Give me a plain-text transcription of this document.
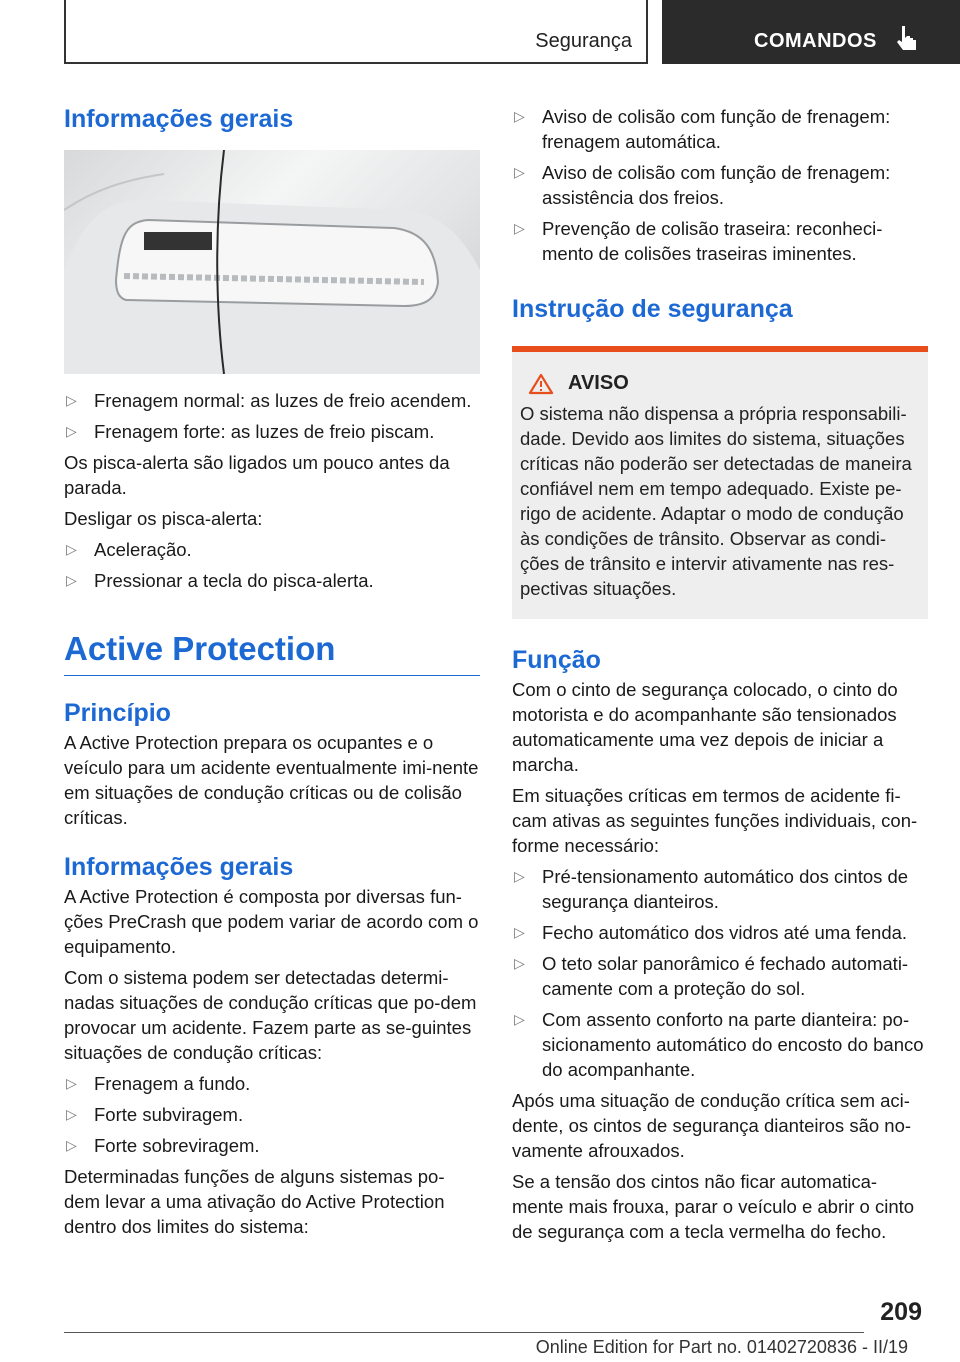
Segurança	COMANDOS
Informações gerais
▷ Frenagem normal: as luzes de freio acendem.
▷ Frenagem forte: as luzes de freio piscam.

Os pisca-alerta são ligados um pouco antes da parada.

Desligar os pisca-alerta:

▷ Aceleração.
▷ Pressionar a tecla do pisca-alerta.
Active Protection
Princípio

A Active Protection prepara os ocupantes e o veículo para um acidente eventualmente imi-nente em situações de condução críticas ou de colisão críticas.

Informações gerais

A Active Protection é composta por diversas fun-ções PreCrash que podem variar de acordo com o equipamento.

Com o sistema podem ser detectadas determi-nadas situações de condução críticas que po-dem provocar um acidente. Fazem parte as se-guintes situações de condução críticas:

▷ Frenagem a fundo.
▷ Forte subviragem.
▷ Forte sobreviragem.

Determinadas funções de alguns sistemas po-dem levar a uma ativação do Active Protection dentro dos limites do sistema:

▷ Aviso de colisão com função de frenagem: frenagem automática.
▷ Aviso de colisão com função de frenagem: assistência dos freios.
▷ Prevenção de colisão traseira: reconheci-mento de colisões traseiras iminentes.
Instrução de segurança
AVISO

O sistema não dispensa a própria responsabili-dade. Devido aos limites do sistema, situações críticas não poderão ser detectadas de maneira confiável nem em tempo adequado. Existe pe-rigo de acidente. Adaptar o modo de condução às condições de trânsito. Observar as condi-ções de trânsito e intervir ativamente nas res-pectivas situações.

Função

Com o cinto de segurança colocado, o cinto do motorista e do acompanhante são tensionados automaticamente uma vez depois de iniciar a marcha.

Em situações críticas em termos de acidente fi-cam ativas as seguintes funções individuais, con-forme necessário:

▷ Pré-tensionamento automático dos cintos de segurança dianteiros.
▷ Fecho automático dos vidros até uma fenda.
▷ O teto solar panorâmico é fechado automati-camente com a proteção do sol.
▷ Com assento conforto na parte dianteira: po-sicionamento automático do encosto do banco do acompanhante.

Após uma situação de condução crítica sem aci-dente, os cintos de segurança dianteiros são no-vamente afrouxados.

Se a tensão dos cintos não ficar automatica-mente mais frouxa, parar o veículo e abrir o cinto de segurança com a tecla vermelha do fecho.

209
Online Edition for Part no. 01402720836 - II/19
